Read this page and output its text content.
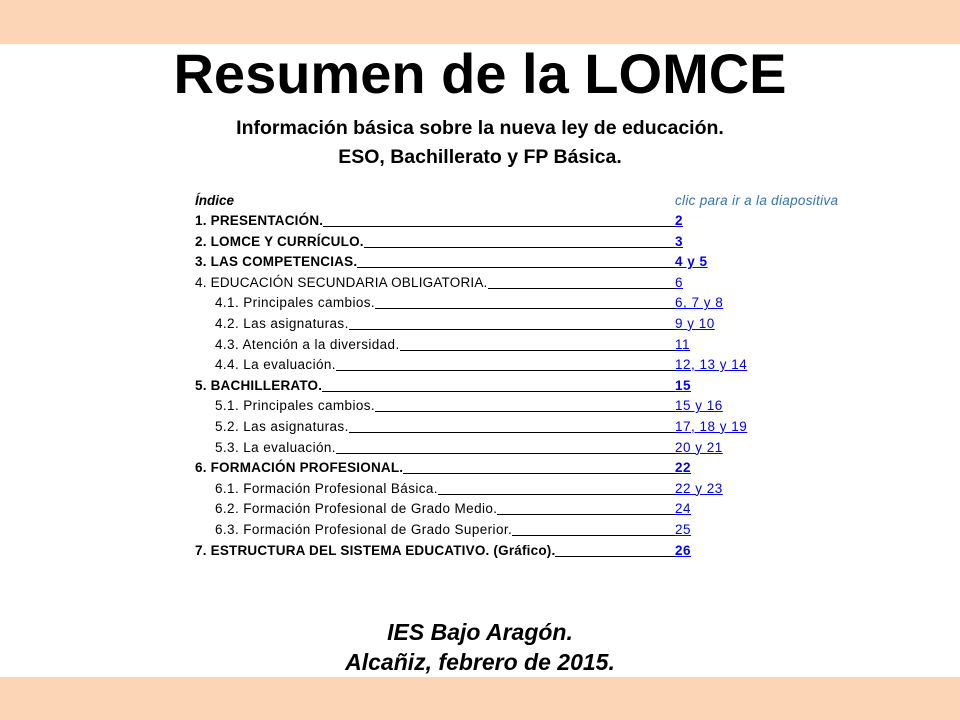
Resumen de la LOMCE
Información básica sobre la nueva ley de educación.
ESO, Bachillerato y FP Básica.
Índice	clic para ir a la diapositiva
1. PRESENTACIÓN.	2
2. LOMCE Y CURRÍCULO.	3
3. LAS COMPETENCIAS.	4 y 5
4. EDUCACIÓN SECUNDARIA OBLIGATORIA.	6
4.1. Principales cambios.	6, 7 y 8
4.2. Las asignaturas.	9 y 10
4.3. Atención a la diversidad.	11
4.4. La evaluación.	12, 13 y 14
5. BACHILLERATO.	15
5.1. Principales cambios.	15 y 16
5.2. Las asignaturas.	17, 18 y 19
5.3. La evaluación.	20 y 21
6. FORMACIÓN PROFESIONAL.	22
6.1. Formación Profesional Básica.	22 y 23
6.2. Formación Profesional de Grado Medio.	24
6.3. Formación Profesional de Grado Superior.	25
7. ESTRUCTURA DEL SISTEMA EDUCATIVO. (Gráfico).	26
IES Bajo Aragón.
Alcañiz, febrero de 2015.
